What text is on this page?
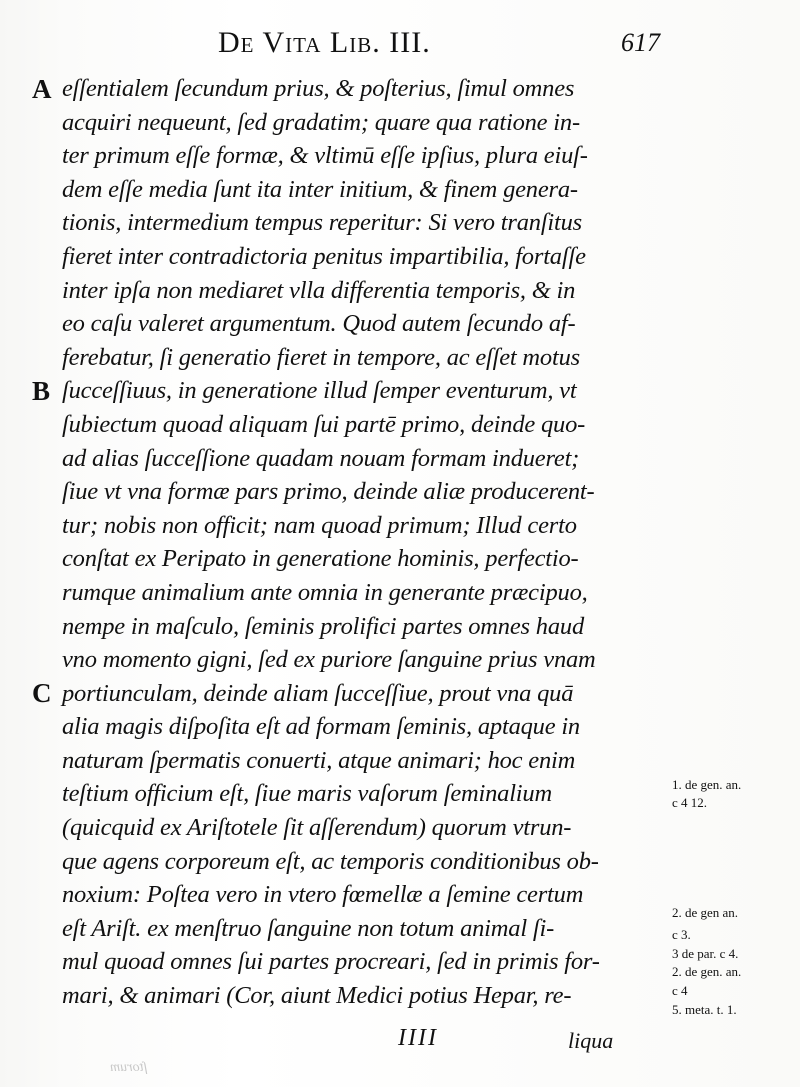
De Vita Lib. III.	617
A
B
C
eſſentialem ſecundum prius, & poſterius, ſimul omnes
acquiri nequeunt, ſed gradatim; quare qua ratione in-
ter primum eſſe formæ, & vltimū eſſe ipſius, plura eiuſ-
dem eſſe media ſunt ita inter initium, & finem genera-
tionis, intermedium tempus reperitur: Si vero tranſitus
fieret inter contradictoria penitus impartibilia, fortaſſe
inter ipſa non mediaret vlla differentia temporis, & in
eo caſu valeret argumentum. Quod autem ſecundo af-
ferebatur, ſi generatio fieret in tempore, ac eſſet motus
ſucceſſiuus, in generatione illud ſemper eventurum, vt
ſubiectum quoad aliquam ſui partē primo, deinde quo-
ad alias ſucceſſione quadam nouam formam indueret;
ſiue vt vna formæ pars primo, deinde aliæ producerent-
tur; nobis non officit; nam quoad primum; Illud certo
conſtat ex Peripato in generatione hominis, perfectio-
rumque animalium ante omnia in generante præcipuo,
nempe in maſculo, ſeminis prolifici partes omnes haud
vno momento gigni, ſed ex puriore ſanguine prius vnam
portiunculam, deinde aliam ſucceſſiue, prout vna quā
alia magis diſpoſita eſt ad formam ſeminis, aptaque in
naturam ſpermatis conuerti, atque animari; hoc enim
teſtium officium eſt, ſiue maris vaſorum ſeminalium
(quicquid ex Ariſtotele ſit aſſerendum) quorum vtrun-
que agens corporeum eſt, ac temporis conditionibus ob-
noxium: Poſtea vero in vtero fœmellæ a ſemine certum
eſt Ariſt. ex menſtruo ſanguine non totum animal ſi-
mul quoad omnes ſui partes procreari, ſed in primis for-
mari, & animari (Cor, aiunt Medici potius Hepar, re-
1. de gen. an.
c 4 12.
2. de gen an.
c 3.
3 de par. c 4.
2. de gen. an.
c 4
5. meta. t. 1.
IIII	liqua
ſtorum
